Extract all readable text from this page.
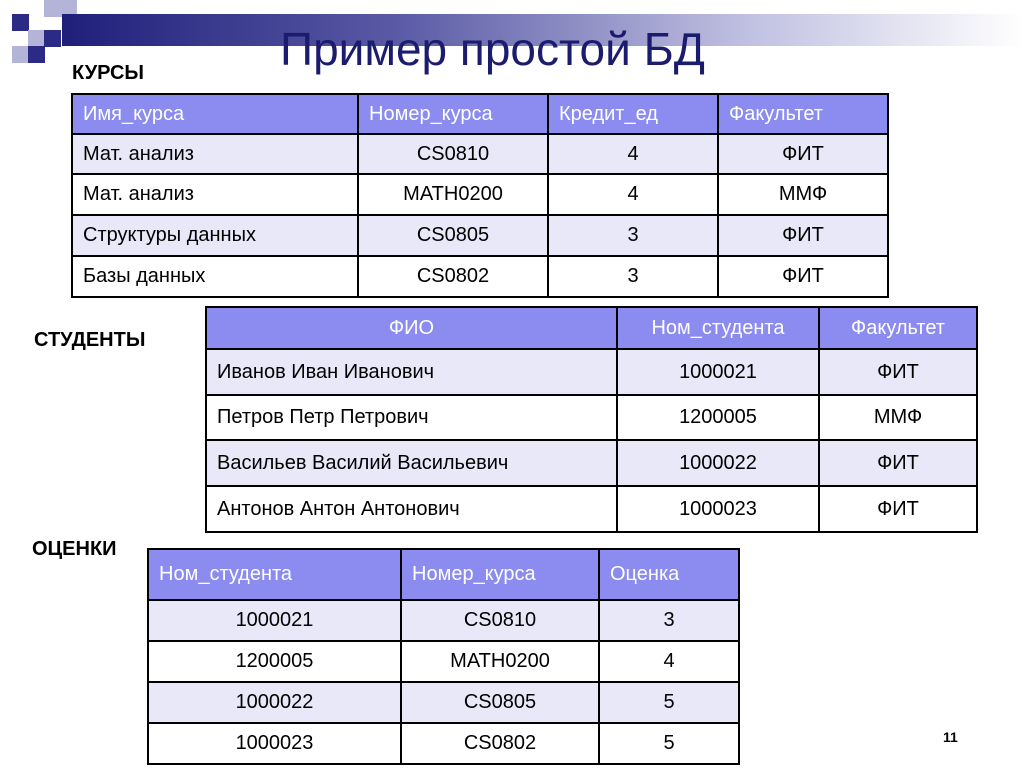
Пример простой БД
КУРСЫ
Имя_курса	Номер_курса	Кредит_ед	Факультет
Мат. анализ	CS0810	4	ФИТ
Мат. анализ	MATH0200	4	ММФ
Структуры данных	CS0805	3	ФИТ
Базы данных	CS0802	3	ФИТ
СТУДЕНТЫ
ФИО	Ном_студента	Факультет
Иванов Иван Иванович	1000021	ФИТ
Петров Петр Петрович	1200005	ММФ
Васильев Василий Васильевич	1000022	ФИТ
Антонов Антон Антонович	1000023	ФИТ
ОЦЕНКИ
Ном_студента	Номер_курса	Оценка
1000021	CS0810	3
1200005	MATH0200	4
1000022	CS0805	5
1000023	CS0802	5	11
